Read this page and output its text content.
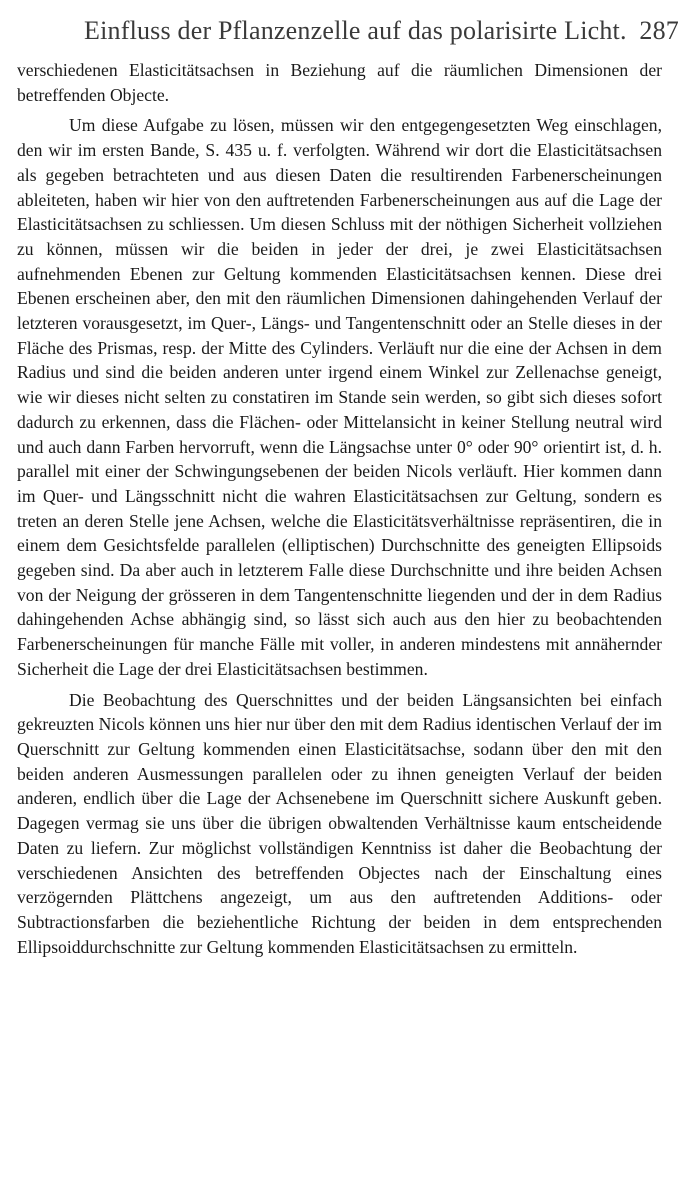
Einfluss der Pflanzenzelle auf das polarisirte Licht. 287

verschiedenen Elasticitätsachsen in Beziehung auf die räumlichen Dimensionen der betreffenden Objecte.

Um diese Aufgabe zu lösen, müssen wir den entgegengesetzten Weg einschlagen, den wir im ersten Bande, S. 435 u. f. verfolgten. Während wir dort die Elasticitätsachsen als gegeben betrachteten und aus diesen Daten die resultirenden Farbenerscheinungen ableiteten, haben wir hier von den auftretenden Farbenerscheinungen aus auf die Lage der Elasticitätsachsen zu schliessen. Um diesen Schluss mit der nöthigen Sicherheit vollziehen zu können, müssen wir die beiden in jeder der drei, je zwei Elasticitätsachsen aufnehmenden Ebenen zur Geltung kommenden Elasticitätsachsen kennen. Diese drei Ebenen erscheinen aber, den mit den räumlichen Dimensionen dahingehenden Verlauf der letzteren vorausgesetzt, im Quer-, Längs- und Tangentenschnitt oder an Stelle dieses in der Fläche des Prismas, resp. der Mitte des Cylinders. Verläuft nur die eine der Achsen in dem Radius und sind die beiden anderen unter irgend einem Winkel zur Zellenachse geneigt, wie wir dieses nicht selten zu constatiren im Stande sein werden, so gibt sich dieses sofort dadurch zu erkennen, dass die Flächen- oder Mittelansicht in keiner Stellung neutral wird und auch dann Farben hervorruft, wenn die Längsachse unter 0° oder 90° orientirt ist, d. h. parallel mit einer der Schwingungsebenen der beiden Nicols verläuft. Hier kommen dann im Quer- und Längsschnitt nicht die wahren Elasticitätsachsen zur Geltung, sondern es treten an deren Stelle jene Achsen, welche die Elasticitätsverhältnisse repräsentiren, die in einem dem Gesichtsfelde parallelen (elliptischen) Durchschnitte des geneigten Ellipsoids gegeben sind. Da aber auch in letzterem Falle diese Durchschnitte und ihre beiden Achsen von der Neigung der grösseren in dem Tangentenschnitte liegenden und der in dem Radius dahingehenden Achse abhängig sind, so lässt sich auch aus den hier zu beobachtenden Farbenerscheinungen für manche Fälle mit voller, in anderen mindestens mit annähernder Sicherheit die Lage der drei Elasticitätsachsen bestimmen.

Die Beobachtung des Querschnittes und der beiden Längsansichten bei einfach gekreuzten Nicols können uns hier nur über den mit dem Radius identischen Verlauf der im Querschnitt zur Geltung kommenden einen Elasticitätsachse, sodann über den mit den beiden anderen Ausmessungen parallelen oder zu ihnen geneigten Verlauf der beiden anderen, endlich über die Lage der Achsenebene im Querschnitt sichere Auskunft geben. Dagegen vermag sie uns über die übrigen obwaltenden Verhältnisse kaum entscheidende Daten zu liefern. Zur möglichst vollständigen Kenntniss ist daher die Beobachtung der verschiedenen Ansichten des betreffenden Objectes nach der Einschaltung eines verzögernden Plättchens angezeigt, um aus den auftretenden Additions- oder Subtractionsfarben die beziehentliche Richtung der beiden in dem entsprechenden Ellipsoiddurchschnitte zur Geltung kommenden Elasticitätsachsen zu ermitteln.
